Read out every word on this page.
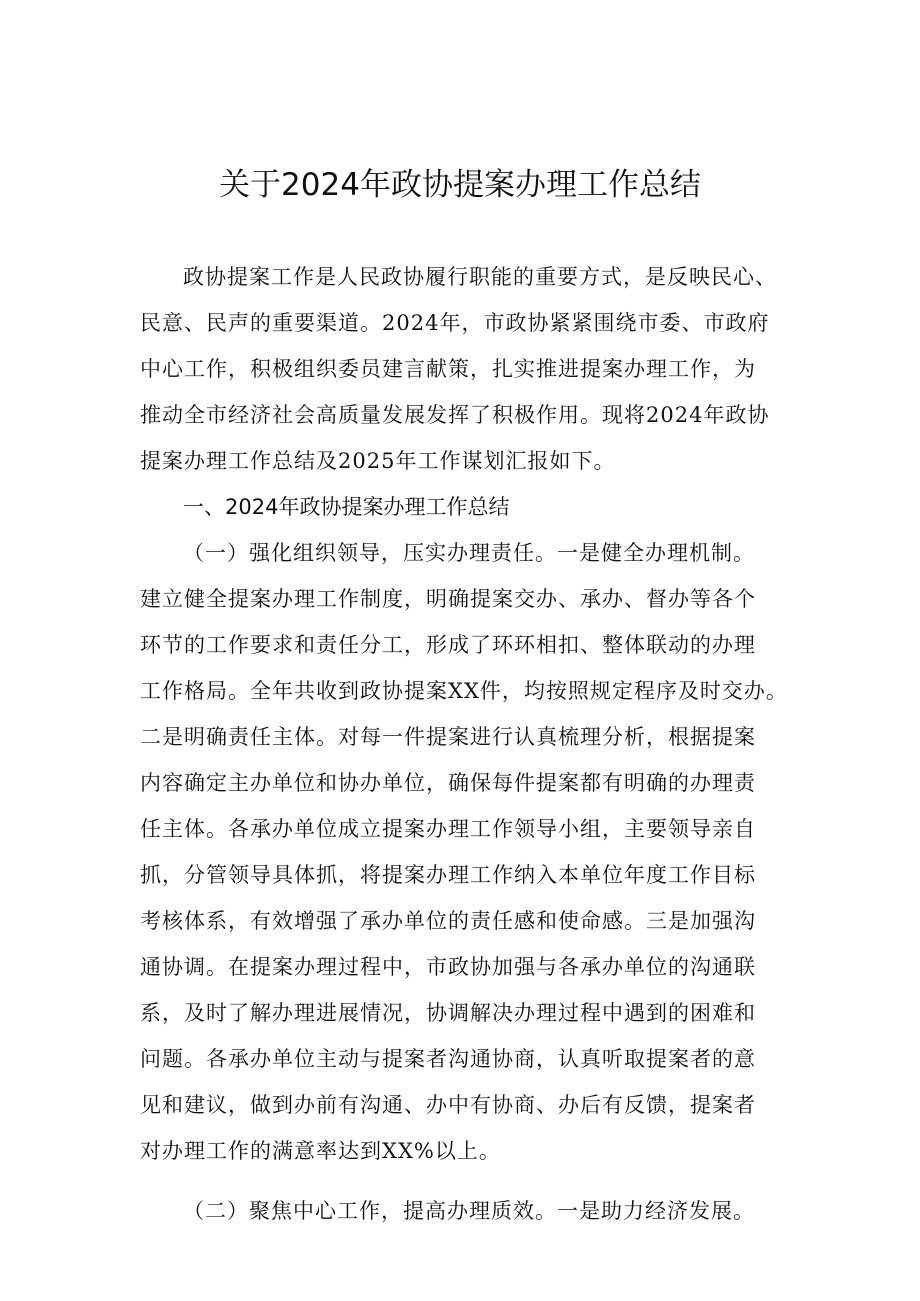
关于2024年政协提案办理工作总结
政协提案工作是人民政协履行职能的重要方式，是反映民心、
民意、民声的重要渠道。2024年，市政协紧紧围绕市委、市政府
中心工作，积极组织委员建言献策，扎实推进提案办理工作，为
推动全市经济社会高质量发展发挥了积极作用。现将2024年政协
提案办理工作总结及2025年工作谋划汇报如下。
一、2024年政协提案办理工作总结
（一）强化组织领导，压实办理责任。一是健全办理机制。
建立健全提案办理工作制度，明确提案交办、承办、督办等各个
环节的工作要求和责任分工，形成了环环相扣、整体联动的办理
工作格局。全年共收到政协提案XX件，均按照规定程序及时交办。
二是明确责任主体。对每一件提案进行认真梳理分析，根据提案
内容确定主办单位和协办单位，确保每件提案都有明确的办理责
任主体。各承办单位成立提案办理工作领导小组，主要领导亲自
抓，分管领导具体抓，将提案办理工作纳入本单位年度工作目标
考核体系，有效增强了承办单位的责任感和使命感。三是加强沟
通协调。在提案办理过程中，市政协加强与各承办单位的沟通联
系，及时了解办理进展情况，协调解决办理过程中遇到的困难和
问题。各承办单位主动与提案者沟通协商，认真听取提案者的意
见和建议，做到办前有沟通、办中有协商、办后有反馈，提案者
对办理工作的满意率达到XX%以上。
（二）聚焦中心工作，提高办理质效。一是助力经济发展。
